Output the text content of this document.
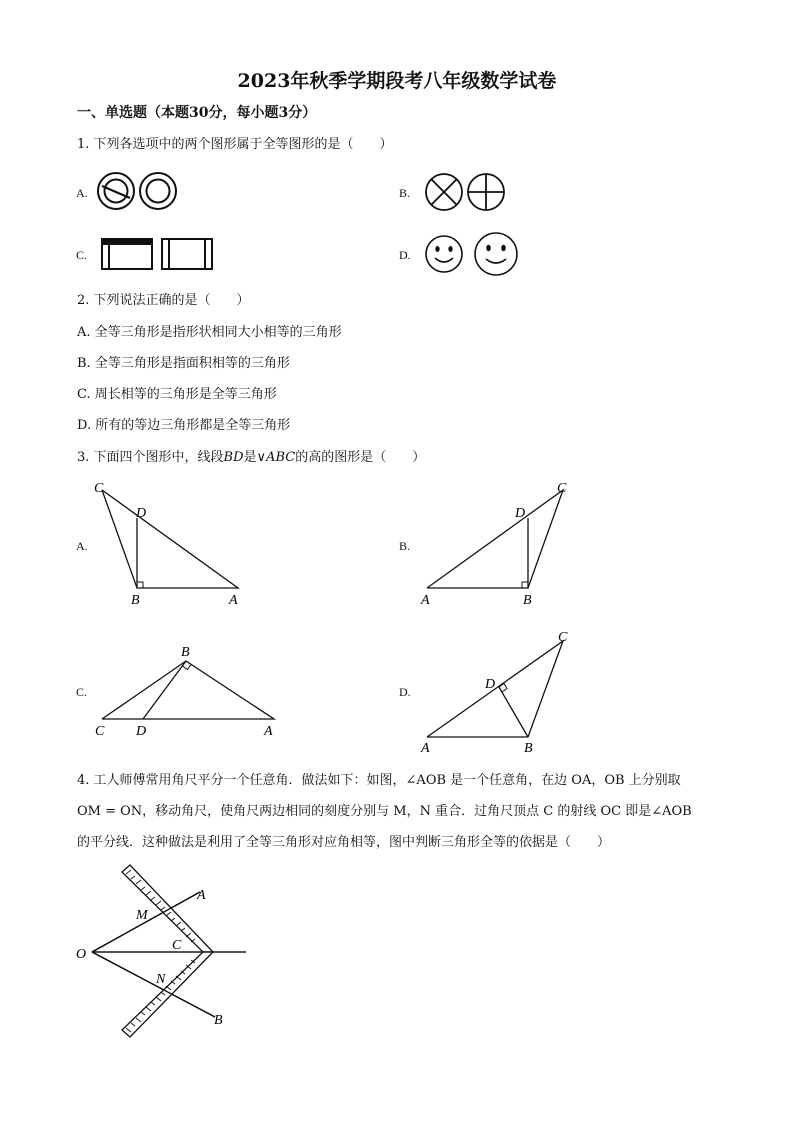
2023年秋季学期段考八年级数学试卷
一、单选题（本题30分，每小题3分）
1. 下列各选项中的两个图形属于全等图形的是（　　）
A.	B.
C.	D.
2. 下列说法正确的是（　　）
A. 全等三角形是指形状相同大小相等的三角形
B. 全等三角形是指面积相等的三角形
C. 周长相等的三角形是全等三角形
D. 所有的等边三角形都是全等三角形
3. 下面四个图形中，线段BD是∨ABC的高的图形是（　　）
A.
C
D
B	A
B.
C
D
A	B
C.
B
C D	A
D.
C
D
A	B
4. 工人师傅常用角尺平分一个任意角．做法如下：如图，∠AOB 是一个任意角，在边 OA，OB 上分别取
OM = ON，移动角尺，使角尺两边相同的刻度分别与 M，N 重合．过角尺顶点 C 的射线 OC 即是∠AOB
的平分线．这种做法是利用了全等三角形对应角相等，图中判断三角形全等的依据是（　　）
A
M
O
C
N
B
